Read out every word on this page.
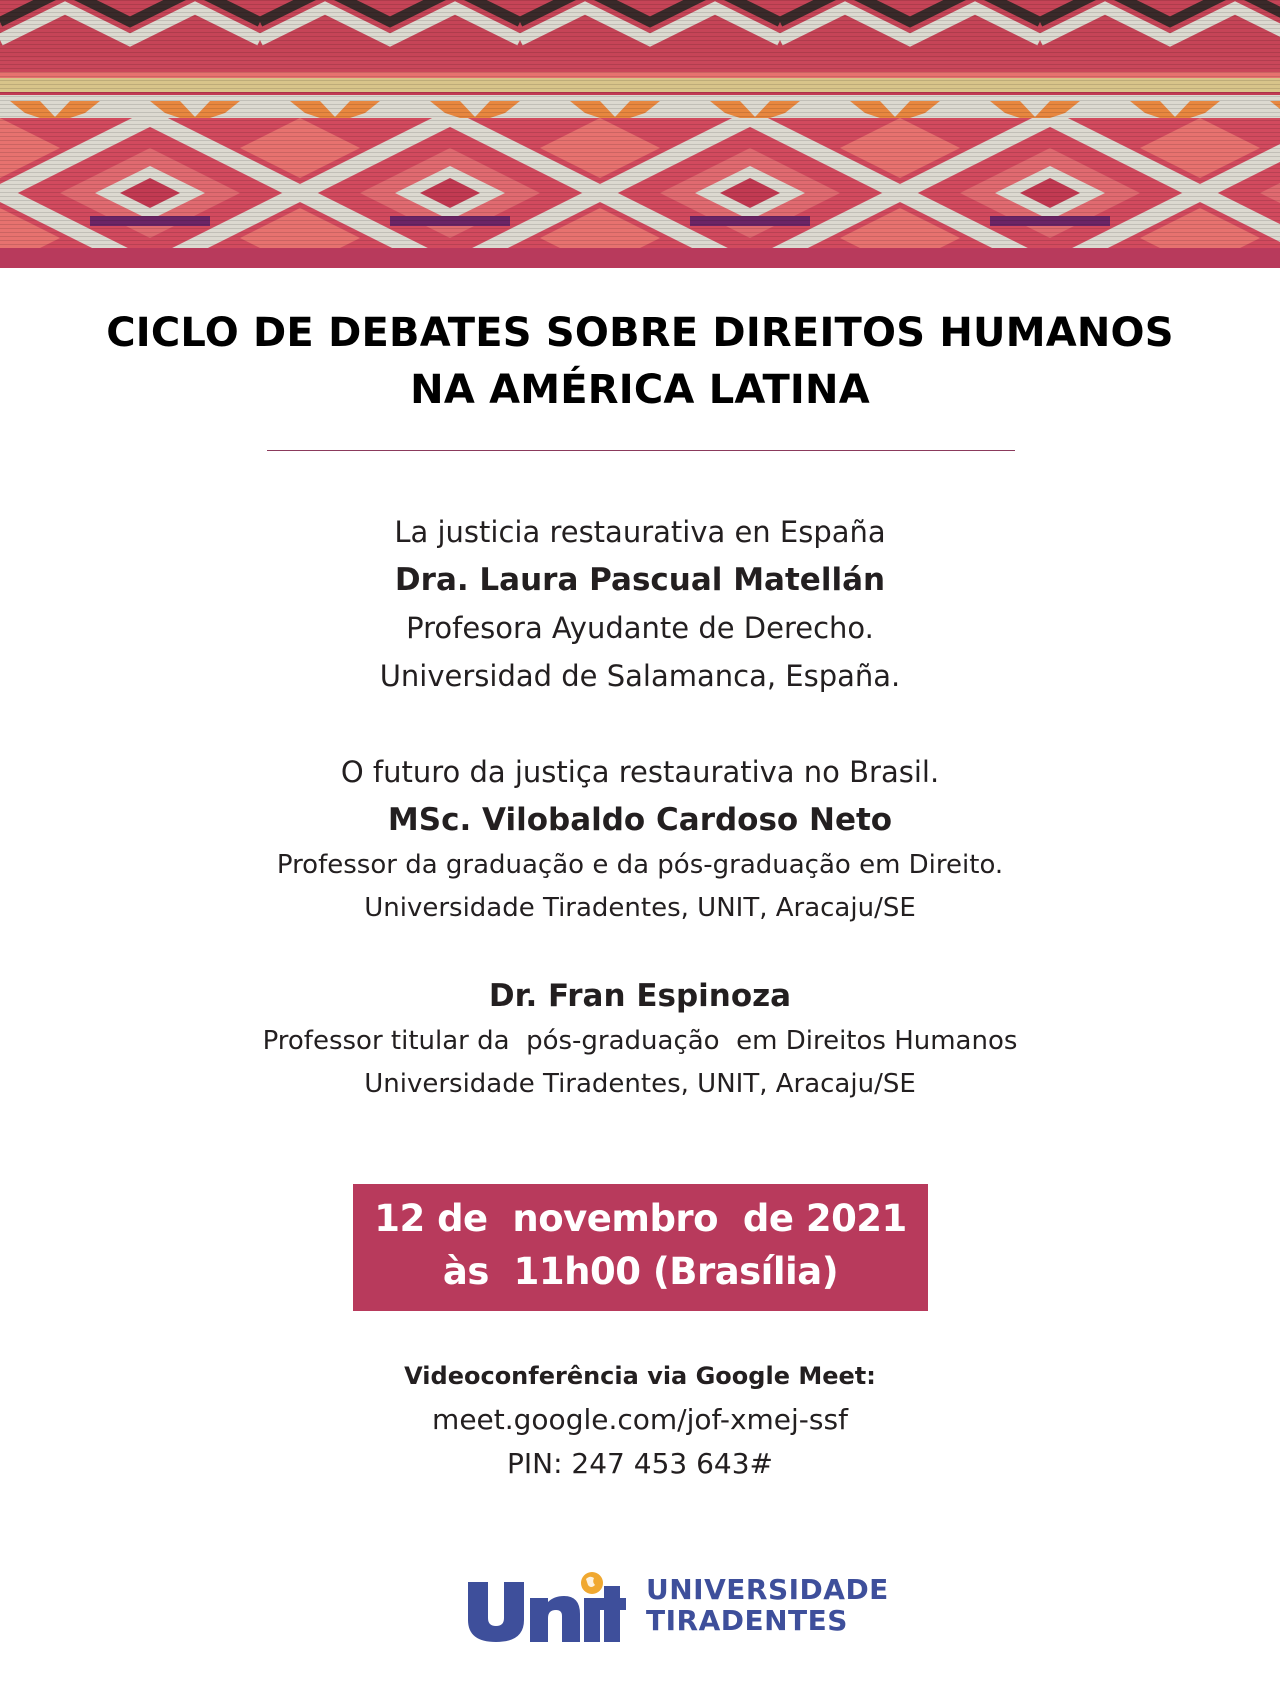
CICLO DE DEBATES SOBRE DIREITOS HUMANOS
NA AMÉRICA LATINA
La justicia restaurativa en España
Dra. Laura Pascual Matellán
Profesora Ayudante de Derecho.
Universidad de Salamanca, España.
O futuro da justiça restaurativa no Brasil.
MSc. Vilobaldo Cardoso Neto
Professor da graduação e da pós-graduação em Direito.
Universidade Tiradentes, UNIT, Aracaju/SE
Dr. Fran Espinoza
Professor titular da  pós-graduação  em Direitos Humanos
Universidade Tiradentes, UNIT, Aracaju/SE
12 de  novembro  de 2021
às  11h00 (Brasília)
Videoconferência via Google Meet:
meet.google.com/jof-xmej-ssf
PIN: 247 453 643#
UNIVERSIDADE
TIRADENTES
